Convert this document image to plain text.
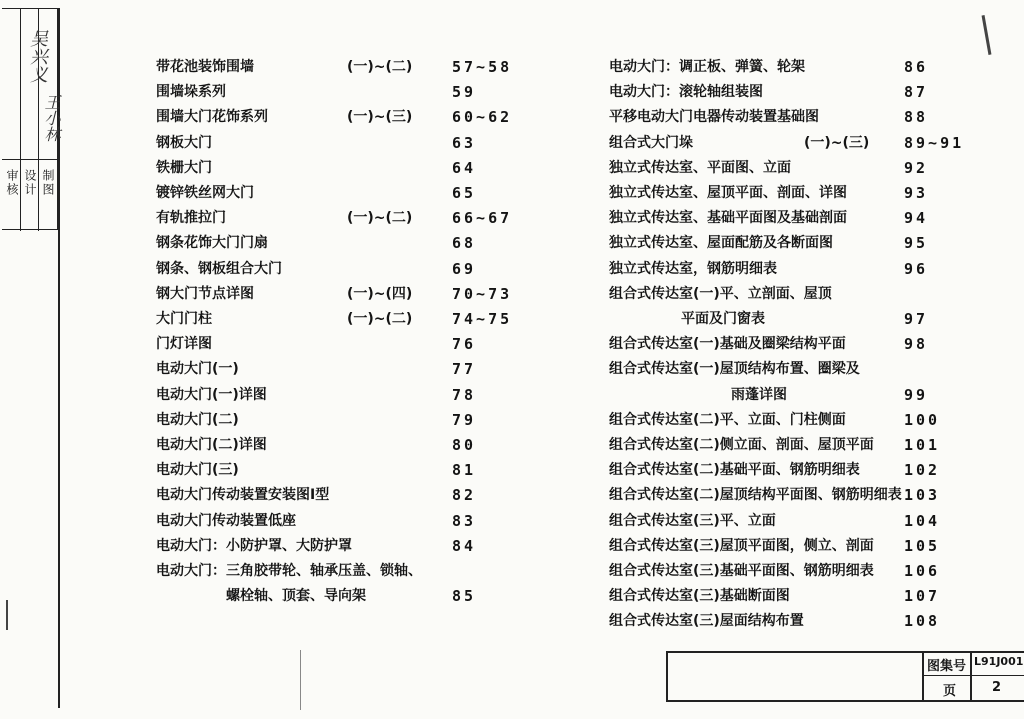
审核 设计 制图
吴兴义
王小林
带花池装饰围墙	(一)~(二)	57~58
围墙垛系列	59
围墙大门花饰系列	(一)~(三)	60~62
钢板大门	63
铁栅大门	64
镀锌铁丝网大门	65
有轨推拉门	(一)~(二)	66~67
钢条花饰大门门扇	68
钢条、钢板组合大门	69
钢大门节点详图	(一)~(四)	70~73
大门门柱	(一)~(二)	74~75
门灯详图	76
电动大门(一)	77
电动大门(一)详图	78
电动大门(二)	79
电动大门(二)详图	80
电动大门(三)	81
电动大门传动装置安装图Ⅰ型	82
电动大门传动装置低座	83
电动大门：小防护罩、大防护罩	84
电动大门：三角胶带轮、轴承压盖、锁轴、
螺栓轴、顶套、导向架	85
电动大门：调正板、弹簧、轮架	86
电动大门：滚轮轴组装图	87
平移电动大门电器传动装置基础图	88
组合式大门垛	(一)~(三) 89~91
独立式传达室、平面图、立面	92
独立式传达室、屋顶平面、剖面、详图	93
独立式传达室、基础平面图及基础剖面	94
独立式传达室、屋面配筋及各断面图	95
独立式传达室，钢筋明细表	96
组合式传达室(一)平、立剖面、屋顶
平面及门窗表	97
组合式传达室(一)基础及圈梁结构平面	98
组合式传达室(一)屋顶结构布置、圈梁及
雨蓬详图	99
组合式传达室(二)平、立面、门柱侧面	100
组合式传达室(二)侧立面、剖面、屋顶平面 101
组合式传达室(二)基础平面、钢筋明细表	102
组合式传达室(二)屋顶结构平面图、钢筋明细表 103
组合式传达室(三)平、立面	104
组合式传达室(三)屋顶平面图，侧立、剖面 105
组合式传达室(三)基础平面图、钢筋明细表 106
组合式传达室(三)基础断面图	107
组合式传达室(三)屋面结构布置	108
图集号 L91J001
页	2
